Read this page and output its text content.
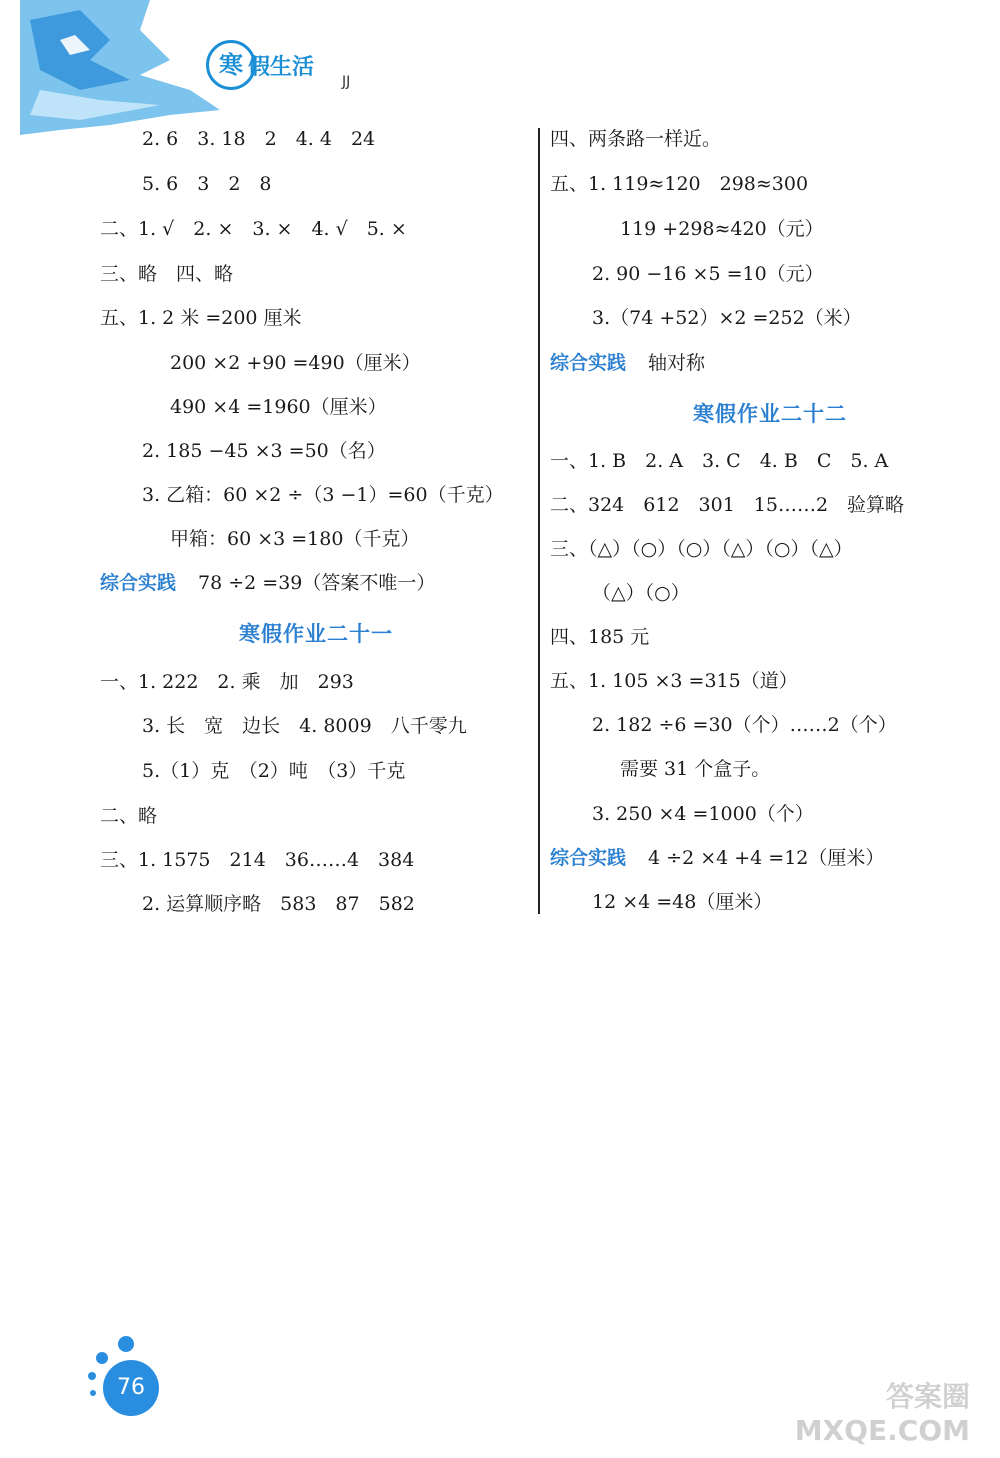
寒 假生活
JJ
2. 6　3. 18　2　4. 4　24
5. 6　3　2　8
二、1. √　2. ×　3. ×　4. √　5. ×
三、略　四、略
五、1. 2 米 =200 厘米
200 ×2 +90 =490（厘米）
490 ×4 =1960（厘米）
2. 185 −45 ×3 =50（名）
3. 乙箱：60 ×2 ÷（3 −1）=60（千克）
甲箱：60 ×3 =180（千克）
综合实践 78 ÷2 =39（答案不唯一）
寒假作业二十一
一、1. 222　2. 乘　加　293
3. 长　宽　边长　4. 8009　八千零九
5.（1）克　（2）吨　（3）千克
二、略
三、1. 1575　214　36……4　384
2. 运算顺序略　583　87　582
四、两条路一样近。
五、1. 119≈120　298≈300
119 +298≈420（元）
2. 90 −16 ×5 =10（元）
3.（74 +52）×2 =252（米）
综合实践 轴对称
寒假作业二十二
一、1. B　2. A　3. C　4. B　C　5. A
二、324　612　301　15……2　验算略
三、（△）（○）（○）（△）（○）（△）
（△）（○）
四、185 元
五、1. 105 ×3 =315（道）
2. 182 ÷6 =30（个）……2（个）
需要 31 个盒子。
3. 250 ×4 =1000（个）
综合实践 4 ÷2 ×4 +4 =12（厘米）
12 ×4 =48（厘米）
76	答案圈
MXQE.COM
